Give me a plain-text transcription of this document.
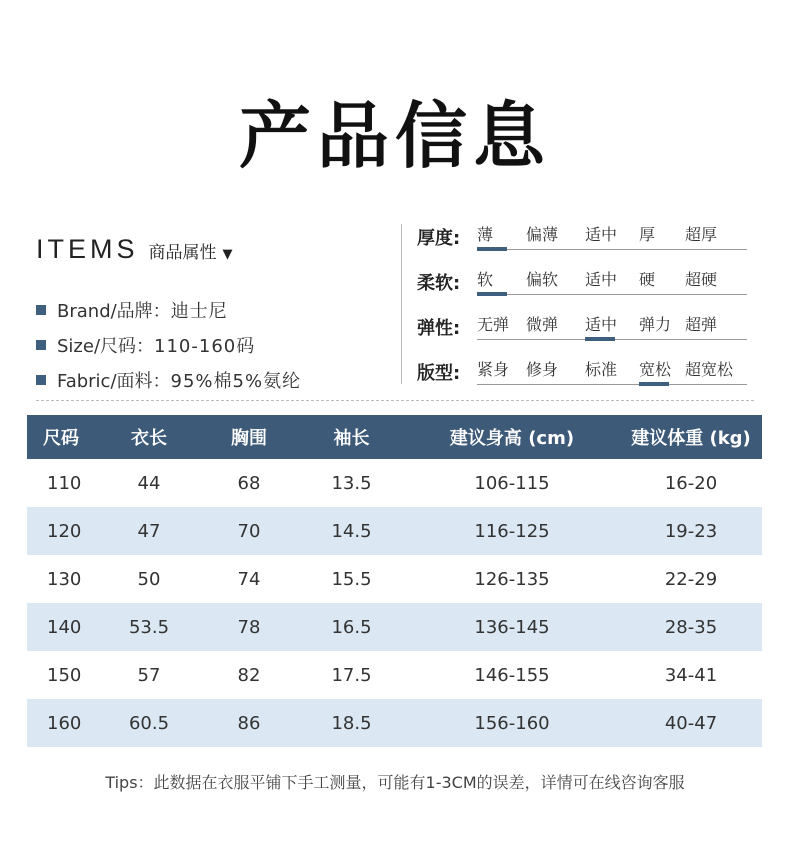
产品信息
ITEMS 商品属性 ▼
Brand/品牌： 迪士尼
Size/尺码： 110-160码
Fabric/面料： 95%棉5%氨纶
厚度: 薄 偏薄 适中 厚 超厚
柔软: 软 偏软 适中 硬 超硬
弹性: 无弹 微弹 适中 弹力 超弹
版型: 紧身 修身 标准 宽松 超宽松
尺码	衣长	胸围	袖长	建议身高 (cm)	建议体重 (kg)
110	44	68	13.5	106-115	16-20
120	47	70	14.5	116-125	19-23
130	50	74	15.5	126-135	22-29
140	53.5	78	16.5	136-145	28-35
150	57	82	17.5	146-155	34-41
160	60.5	86	18.5	156-160	40-47
Tips：此数据在衣服平铺下手工测量，可能有1-3CM的误差，详情可在线咨询客服
